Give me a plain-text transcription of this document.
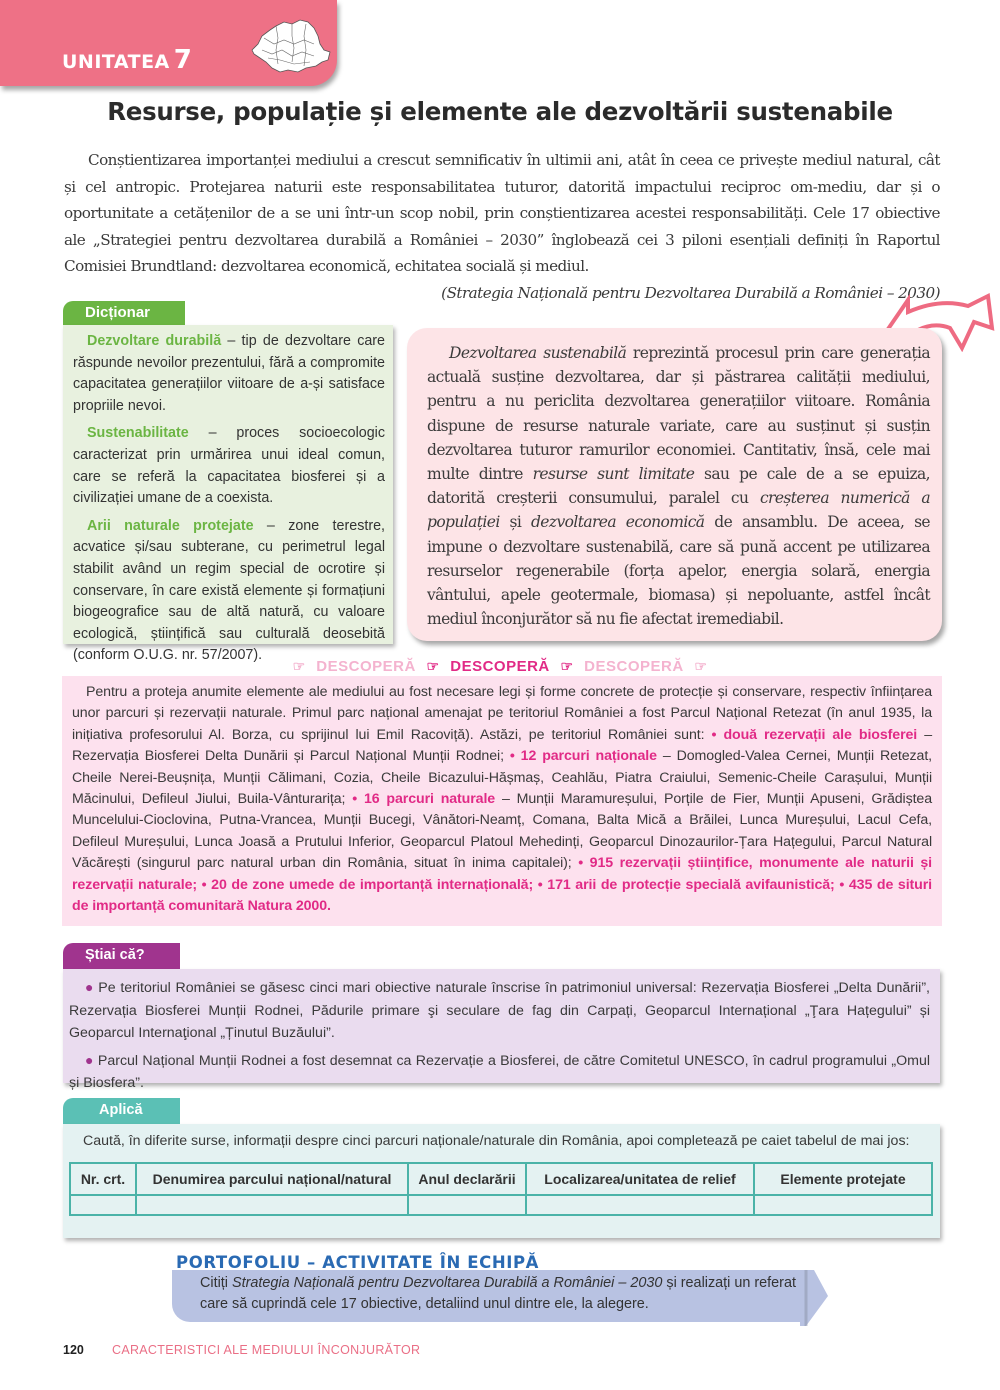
UNITATEA 7
Resurse, populație și elemente ale dezvoltării sustenabile

Conștientizarea importanței mediului a crescut semnificativ în ultimii ani, atât în ceea ce privește mediul natural, cât și cel antropic. Protejarea naturii este responsabilitatea tuturor, datorită impactului reciproc om-mediu, dar și o oportunitate a cetățenilor de a se uni într-un scop nobil, prin conștientizarea acestei responsabilități. Cele 17 obiective ale „Strategiei pentru dezvoltarea durabilă a României – 2030” înglobează cei 3 piloni esențiali definiți în Raportul Comisiei Brundtland: dezvoltarea economică, echitatea socială și mediul.

(Strategia Națională pentru Dezvoltarea Durabilă a României – 2030)

Dicționar

Dezvoltare durabilă – tip de dezvoltare care răspunde nevoilor prezentului, fără a compromite capacitatea generațiilor viitoare de a-și satisface propriile nevoi.

Sustenabilitate – proces socioecologic caracterizat prin urmărirea unui ideal comun, care se referă la capacitatea biosferei și a civilizației umane de a coexista.

Arii naturale protejate – zone terestre, acvatice și/sau subterane, cu perimetrul legal stabilit având un regim special de ocrotire și conservare, în care există elemente și formațiuni biogeografice sau de altă natură, cu valoare ecologică, științifică sau culturală deosebită (conform O.U.G. nr. 57/2007).

Dezvoltarea sustenabilă reprezintă procesul prin care generația actuală susține dezvoltarea, dar și păstrarea calității mediului, pentru a nu periclita dezvoltarea generațiilor viitoare. România dispune de resurse naturale variate, care au susținut și susțin dezvoltarea tuturor ramurilor economiei. Cantitativ, însă, cele mai multe dintre resurse sunt limitate sau pe cale de a se epuiza, datorită creșterii consumului, paralel cu creșterea numerică a populației și dezvoltarea economică de ansamblu. De aceea, se impune o dezvoltare sustenabilă, care să pună accent pe utilizarea resurselor regenerabile (forța apelor, energia solară, energia vântului, apele geotermale, biomasa) și nepoluante, astfel încât mediul înconjurător să nu fie afectat iremediabil.

☞ DESCOPERĂ ☞ DESCOPERĂ ☞ DESCOPERĂ ☞

Pentru a proteja anumite elemente ale mediului au fost necesare legi și forme concrete de protecție și conservare, respectiv înființarea unor parcuri și rezervații naturale. Primul parc național amenajat pe teritoriul României a fost Parcul Național Retezat (în anul 1935, la inițiativa profesorului Al. Borza, cu sprijinul lui Emil Racoviță). Astăzi, pe teritoriul României sunt: • două rezervații ale biosferei – Rezervația Biosferei Delta Dunării și Parcul Național Munții Rodnei; • 12 parcuri naționale – Domogled-Valea Cernei, Munții Retezat, Cheile Nerei-Beușnița, Munții Călimani, Cozia, Cheile Bicazului-Hășmaș, Ceahlău, Piatra Craiului, Semenic-Cheile Carașului, Munții Măcinului, Defileul Jiului, Buila-Vânturarița; • 16 parcuri naturale – Munții Maramureșului, Porțile de Fier, Munții Apuseni, Grădiștea Muncelului-Cioclovina, Putna-Vrancea, Munții Bucegi, Vânători-Neamț, Comana, Balta Mică a Brăilei, Lunca Mureșului, Lacul Cefa, Defileul Mureșului, Lunca Joasă a Prutului Inferior, Geoparcul Platoul Mehedinți, Geoparcul Dinozaurilor-Țara Hațegului, Parcul Natural Văcărești (singurul parc natural urban din România, situat în inima capitalei); • 915 rezervații științifice, monumente ale naturii și rezervații naturale; • 20 de zone umede de importanță internațională; • 171 arii de protecție specială avifaunistică; • 435 de situri de importanță comunitară Natura 2000.

Știai că?

● Pe teritoriul României se găsesc cinci mari obiective naturale înscrise în patrimoniul universal: Rezervația Biosferei „Delta Dunării”, Rezervația Biosferei Munții Rodnei, Pădurile primare şi seculare de fag din Carpați, Geoparcul Internațional „Ţara Hațegului” și Geoparcul Internaţional „Ținutul Buzăului”.

● Parcul Național Munții Rodnei a fost desemnat ca Rezervație a Biosferei, de către Comitetul UNESCO, în cadrul programului „Omul și Biosfera”.

Aplică

Caută, în diferite surse, informații despre cinci parcuri naționale/naturale din România, apoi completează pe caiet tabelul de mai jos:

Nr. crt.	Denumirea parcului național/natural	Anul declarării	Localizarea/unitatea de relief	Elemente protejate

Citiți Strategia Națională pentru Dezvoltarea Durabilă a României – 2030 și realizați un referat care să cuprindă cele 17 obiective, detaliind unul dintre ele, la alegere.
PORTOFOLIU – ACTIVITATE ÎN ECHIPĂ
120 CARACTERISTICI ALE MEDIULUI ÎNCONJURĂTOR
